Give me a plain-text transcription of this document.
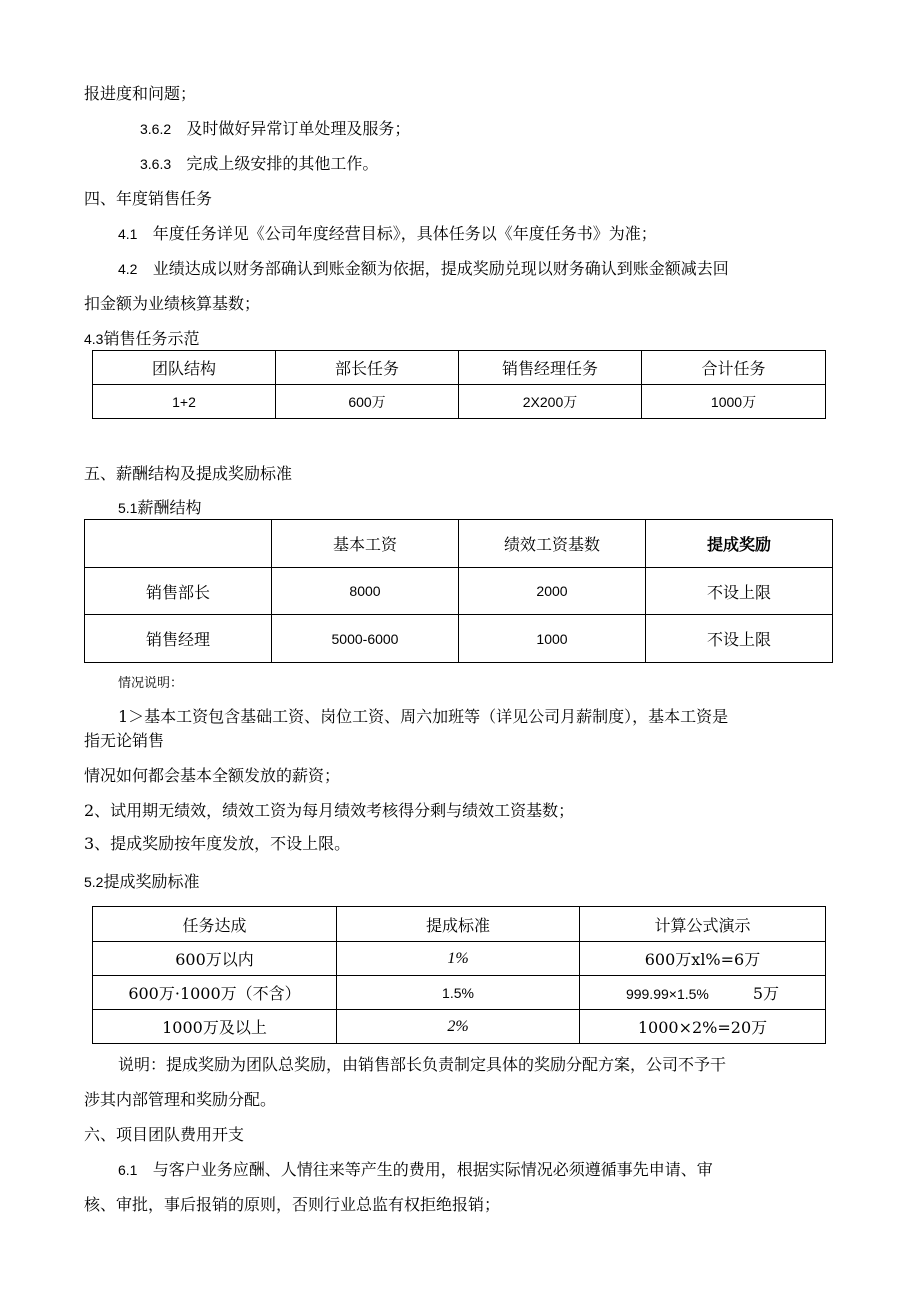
报进度和问题；
3.6.2 及时做好异常订单处理及服务；
3.6.3 完成上级安排的其他工作。
四、年度销售任务
4.1 年度任务详见《公司年度经营目标》，具体任务以《年度任务书》为准；
4.2 业绩达成以财务部确认到账金额为依据，提成奖励兑现以财务确认到账金额减去回
扣金额为业绩核算基数；
4.3销售任务示范
团队结构	部长任务	销售经理任务	合计任务
1+2	600万	2X200万	1000万
五、薪酬结构及提成奖励标准
5.1薪酬结构
	基本工资	绩效工资基数	提成奖励
销售部长	8000	2000	不设上限
销售经理	5000-6000	1000	不设上限
情况说明：
1＞基本工资包含基础工资、岗位工资、周六加班等（详见公司月薪制度），基本工资是
指无论销售
情况如何都会基本全额发放的薪资；
2、试用期无绩效，绩效工资为每月绩效考核得分剩与绩效工资基数；
3、提成奖励按年度发放，不设上限。
5.2提成奖励标准
任务达成	提成标准	计算公式演示
600万以内	1%	600万xl%=6万
600万·1000万（不含）	1.5%	999.99×1.5% 5万
1000万及以上	2%	1000×2%=20万
说明：提成奖励为团队总奖励，由销售部长负责制定具体的奖励分配方案，公司不予干
涉其内部管理和奖励分配。
六、项目团队费用开支
6.1 与客户业务应酬、人情往来等产生的费用，根据实际情况必须遵循事先申请、审
核、审批，事后报销的原则，否则行业总监有权拒绝报销；
